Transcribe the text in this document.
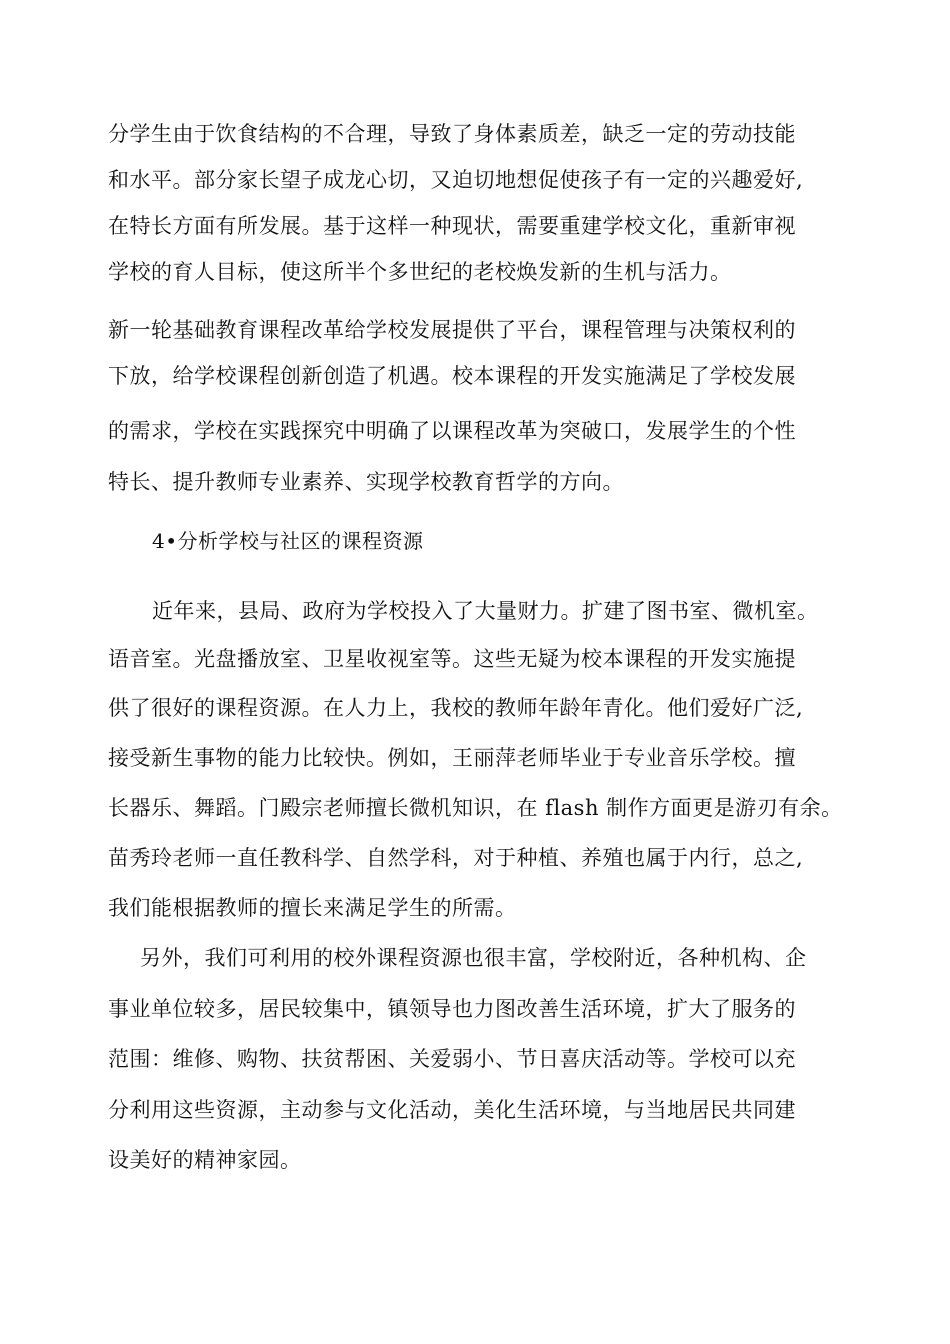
分学生由于饮食结构的不合理，导致了身体素质差，缺乏一定的劳动技能
和水平。部分家长望子成龙心切，又迫切地想促使孩子有一定的兴趣爱好,
在特长方面有所发展。基于这样一种现状，需要重建学校文化，重新审视
学校的育人目标，使这所半个多世纪的老校焕发新的生机与活力。
新一轮基础教育课程改革给学校发展提供了平台，课程管理与决策权利的
下放，给学校课程创新创造了机遇。校本课程的开发实施满足了学校发展
的需求，学校在实践探究中明确了以课程改革为突破口，发展学生的个性
特长、提升教师专业素养、实现学校教育哲学的方向。
4•分析学校与社区的课程资源
近年来，县局、政府为学校投入了大量财力。扩建了图书室、微机室。
语音室。光盘播放室、卫星收视室等。这些无疑为校本课程的开发实施提
供了很好的课程资源。在人力上，我校的教师年龄年青化。他们爱好广泛,
接受新生事物的能力比较快。例如，王丽萍老师毕业于专业音乐学校。擅
长器乐、舞蹈。门殿宗老师擅长微机知识，在 flash 制作方面更是游刃有余。
苗秀玲老师一直任教科学、自然学科，对于种植、养殖也属于内行，总之,
我们能根据教师的擅长来满足学生的所需。
另外，我们可利用的校外课程资源也很丰富，学校附近，各种机构、企
事业单位较多，居民较集中，镇领导也力图改善生活环境，扩大了服务的
范围：维修、购物、扶贫帮困、关爱弱小、节日喜庆活动等。学校可以充
分利用这些资源，主动参与文化活动，美化生活环境，与当地居民共同建
设美好的精神家园。
